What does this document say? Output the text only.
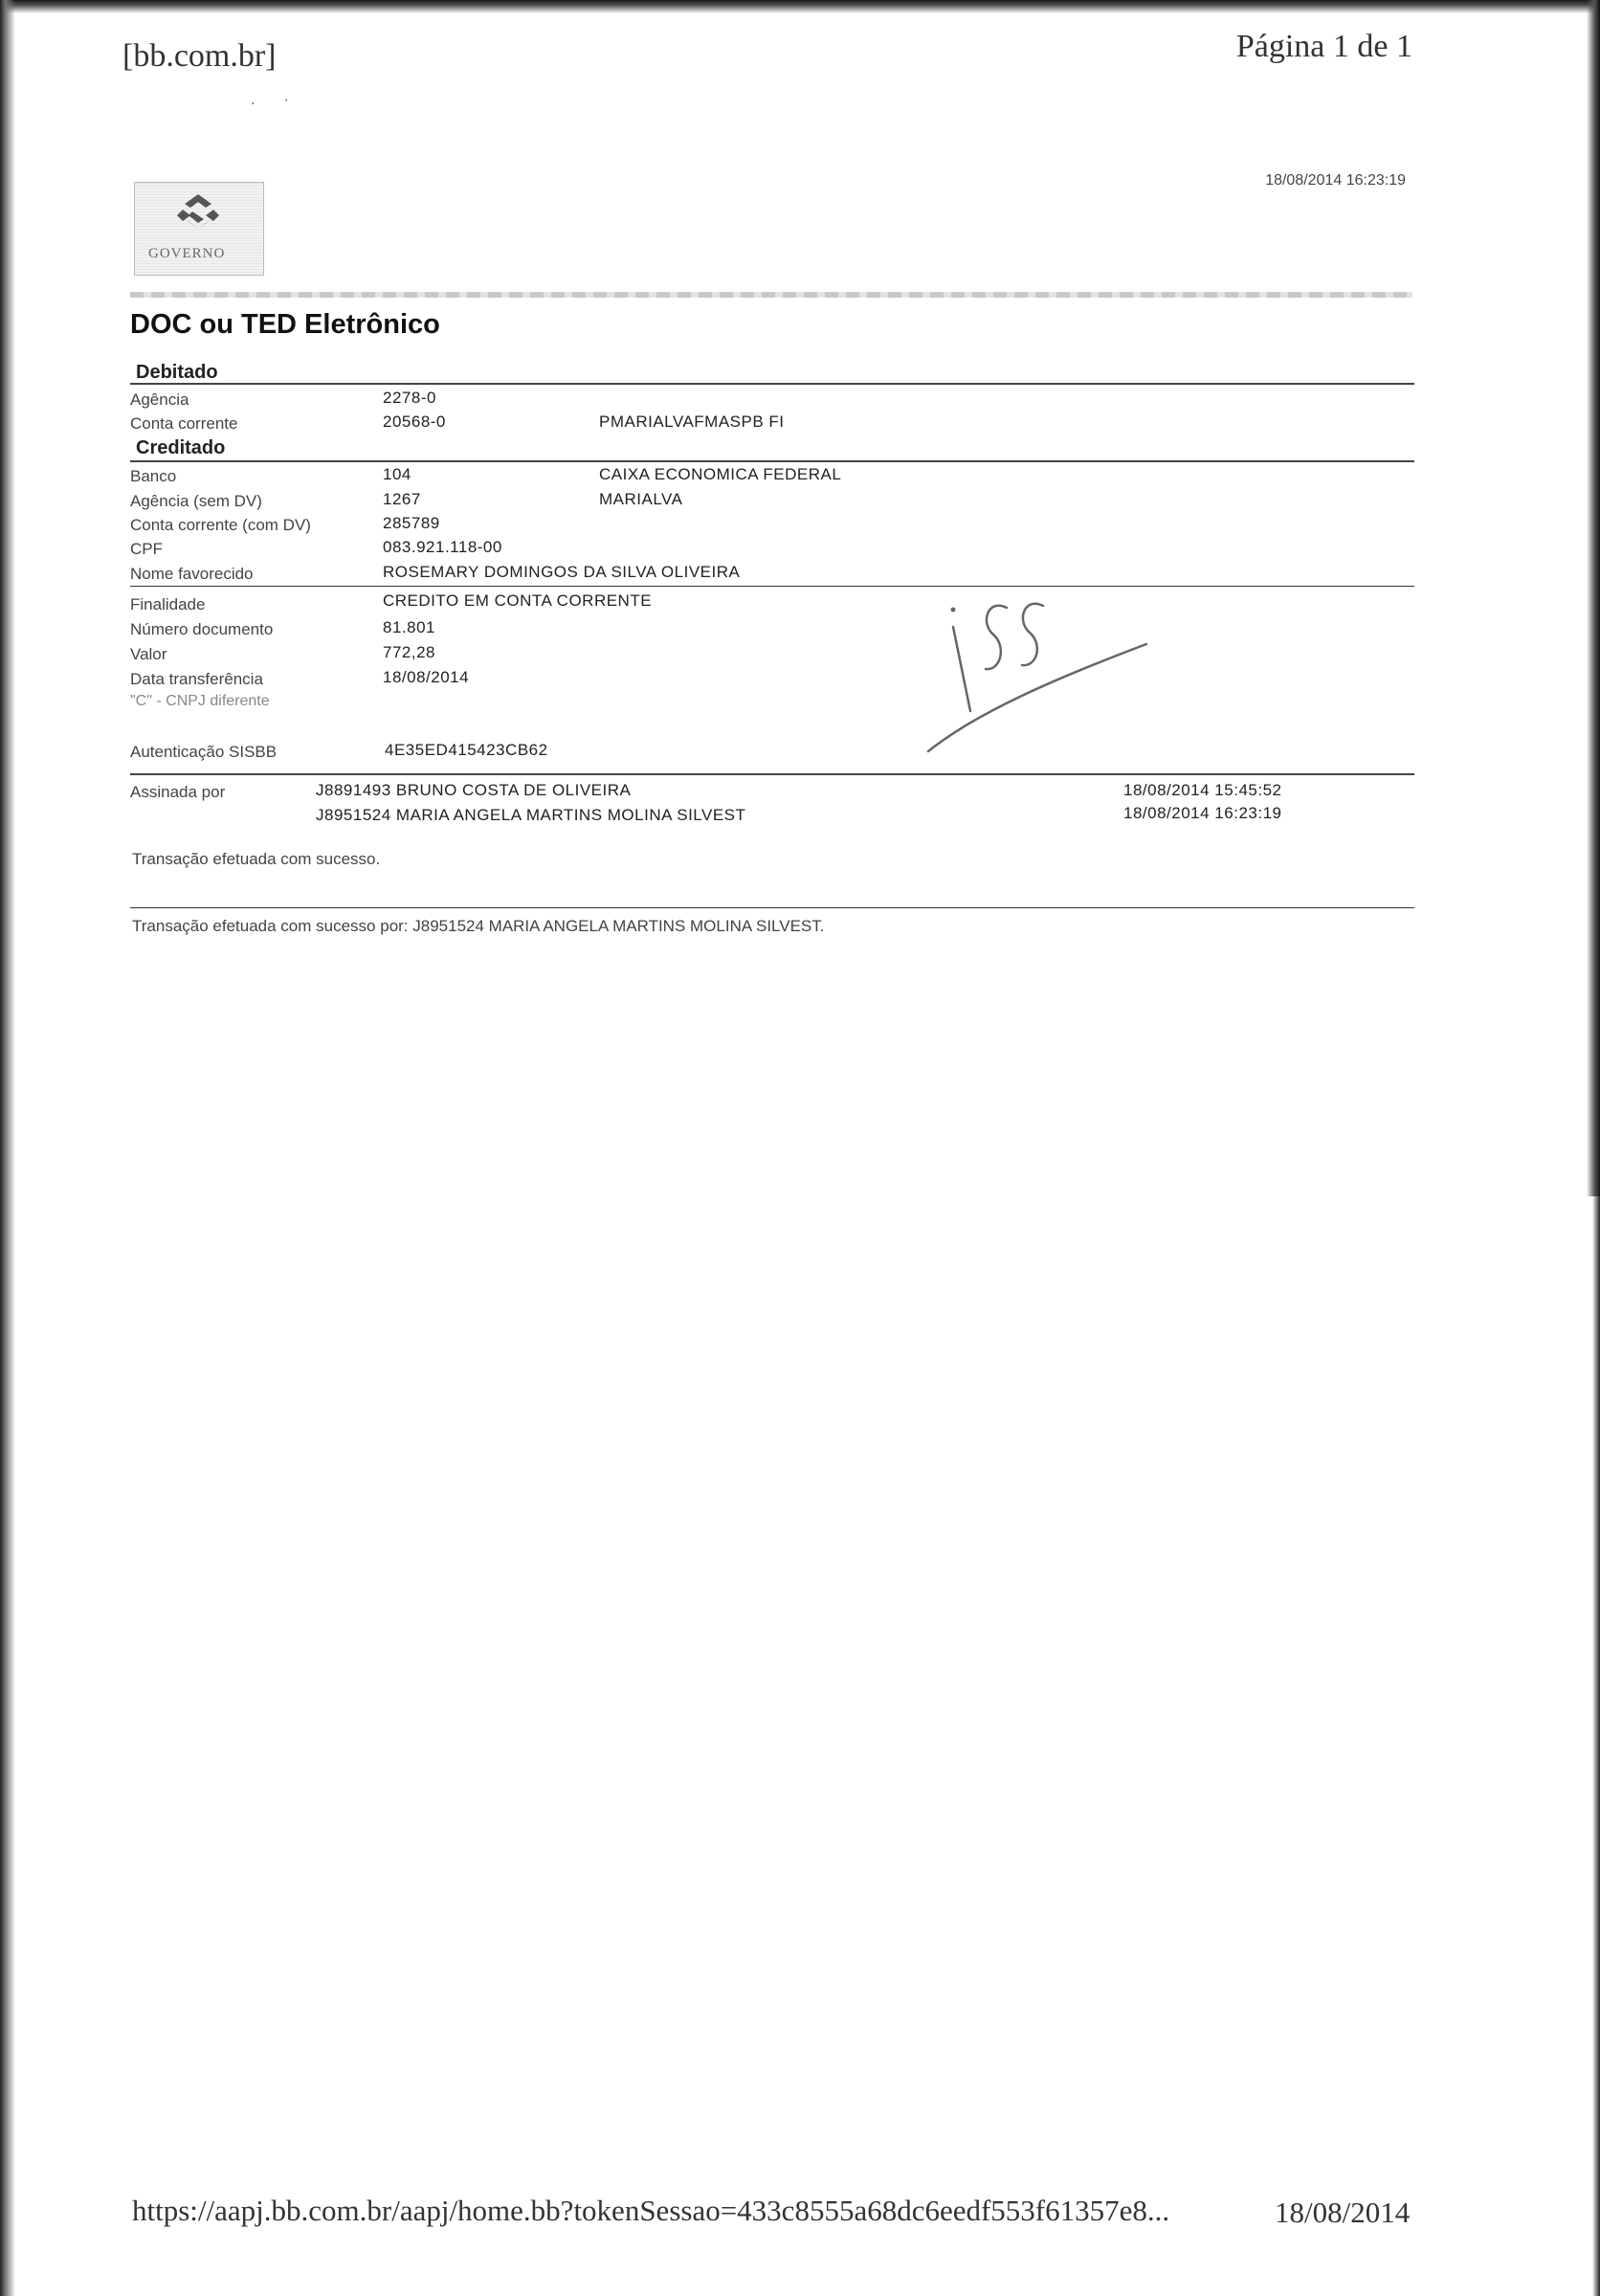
[bb.com.br]	Página 1 de 1
.·
18/08/2014 16:23:19
GOVERNO
DOC ou TED Eletrônico
Debitado
Agência	2278-0
Conta corrente	20568-0	PMARIALVAFMASPB FI
Creditado
Banco	104	CAIXA ECONOMICA FEDERAL
Agência (sem DV)	1267	MARIALVA
Conta corrente (com DV)	285789
CPF	083.921.118-00
Nome favorecido	ROSEMARY DOMINGOS DA SILVA OLIVEIRA
Finalidade	CREDITO EM CONTA CORRENTE
Número documento	81.801
Valor	772,28
Data transferência	18/08/2014
"C" - CNPJ diferente
Autenticação SISBB	4E35ED415423CB62
Assinada por	J8891493 BRUNO COSTA DE OLIVEIRA	18/08/2014 15:45:52
J8951524 MARIA ANGELA MARTINS MOLINA SILVEST	18/08/2014 16:23:19
Transação efetuada com sucesso.
Transação efetuada com sucesso por: J8951524 MARIA ANGELA MARTINS MOLINA SILVEST.
https://aapj.bb.com.br/aapj/home.bb?tokenSessao=433c8555a68dc6eedf553f61357e8...	18/08/2014
